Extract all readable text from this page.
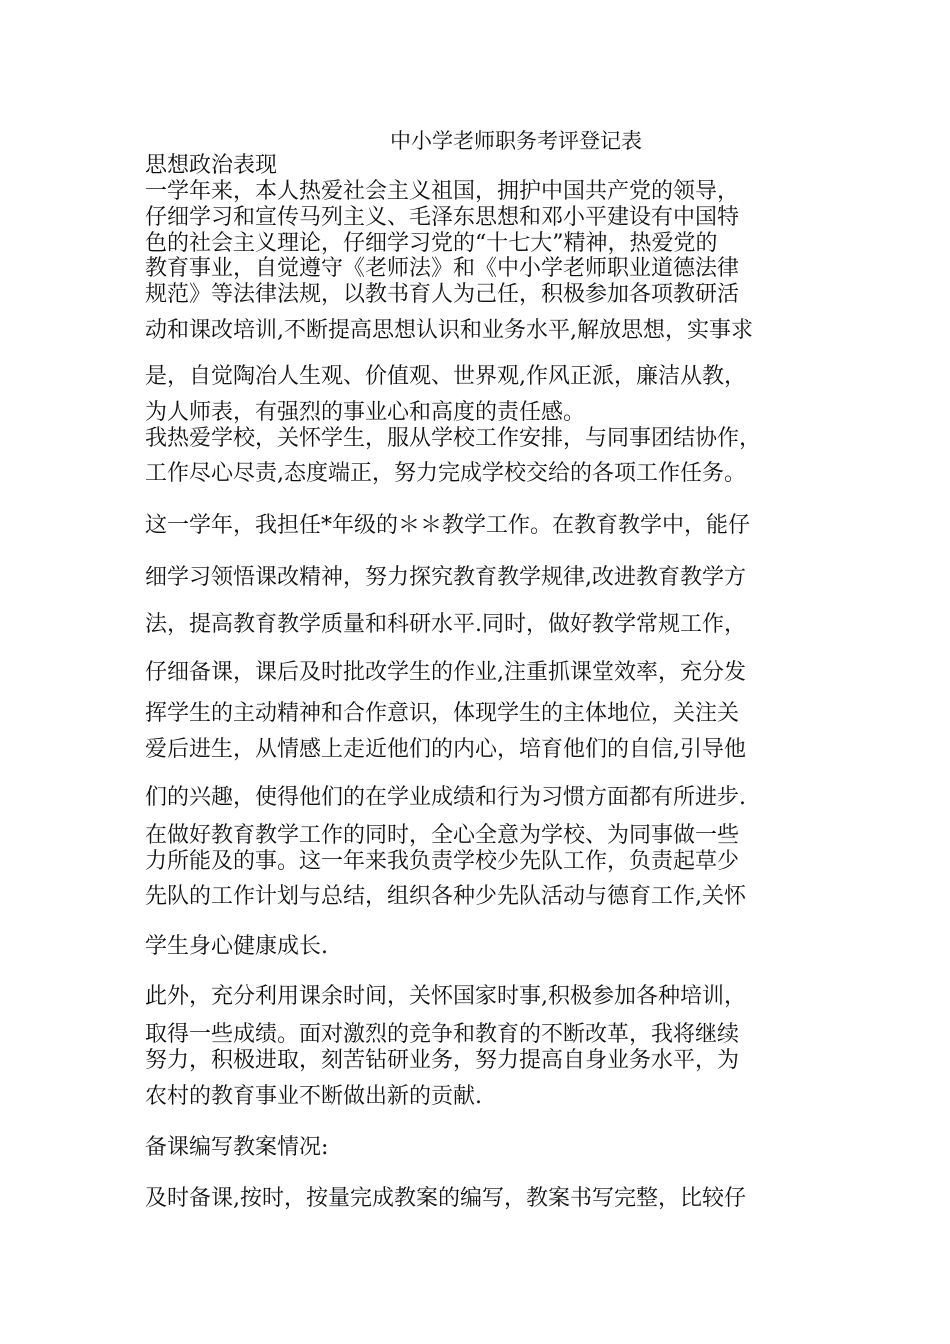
中小学老师职务考评登记表
思想政治表现
一学年来，本人热爱社会主义祖国，拥护中国共产党的领导，
仔细学习和宣传马列主义、毛泽东思想和邓小平建设有中国特
色的社会主义理论，仔细学习党的“十七大”精神，热爱党的
教育事业，自觉遵守《老师法》和《中小学老师职业道德法律
规范》等法律法规，以教书育人为己任，积极参加各项教研活
动和课改培训,不断提高思想认识和业务水平,解放思想，实事求
是，自觉陶冶人生观、价值观、世界观,作风正派，廉洁从教，
为人师表，有强烈的事业心和高度的责任感。
我热爱学校，关怀学生，服从学校工作安排，与同事团结协作，
工作尽心尽责,态度端正，努力完成学校交给的各项工作任务。
这一学年，我担任*年级的＊＊教学工作。在教育教学中，能仔
细学习领悟课改精神，努力探究教育教学规律,改进教育教学方
法，提高教育教学质量和科研水平.同时，做好教学常规工作，
仔细备课，课后及时批改学生的作业,注重抓课堂效率，充分发
挥学生的主动精神和合作意识，体现学生的主体地位，关注关
爱后进生，从情感上走近他们的内心，培育他们的自信,引导他
们的兴趣，使得他们的在学业成绩和行为习惯方面都有所进步.
在做好教育教学工作的同时，全心全意为学校、为同事做一些
力所能及的事。这一年来我负责学校少先队工作，负责起草少
先队的工作计划与总结，组织各种少先队活动与德育工作,关怀
学生身心健康成长.
此外，充分利用课余时间，关怀国家时事,积极参加各种培训，
取得一些成绩。面对激烈的竞争和教育的不断改革，我将继续
努力，积极进取，刻苦钻研业务，努力提高自身业务水平，为
农村的教育事业不断做出新的贡献.
备课编写教案情况:
及时备课,按时，按量完成教案的编写，教案书写完整，比较仔
